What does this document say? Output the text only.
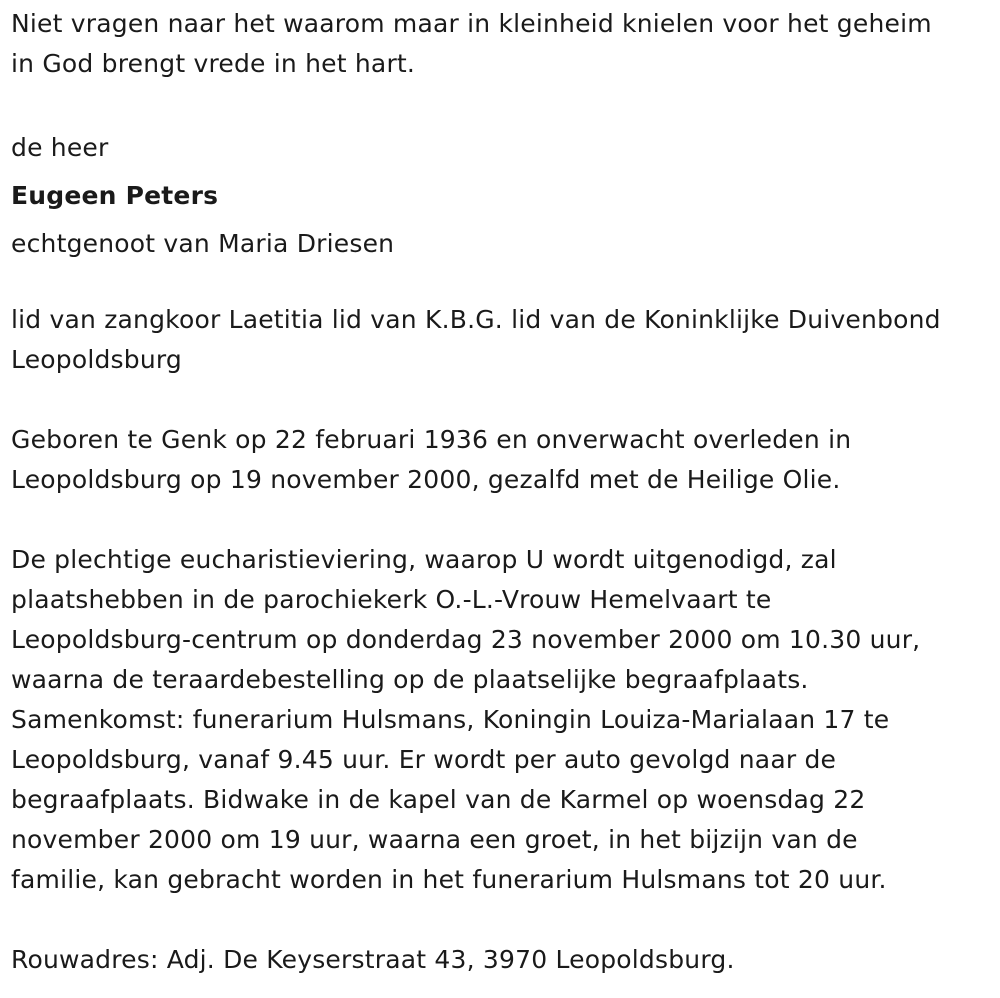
Niet vragen naar het waarom maar in kleinheid knielen voor het geheim
in God brengt vrede in het hart.

de heer

Eugeen Peters

echtgenoot van Maria Driesen

lid van zangkoor Laetitia lid van K.B.G. lid van de Koninklijke Duivenbond
Leopoldsburg

Geboren te Genk op 22 februari 1936 en onverwacht overleden in
Leopoldsburg op 19 november 2000, gezalfd met de Heilige Olie.

De plechtige eucharistieviering, waarop U wordt uitgenodigd, zal
plaatshebben in de parochiekerk O.-L.-Vrouw Hemelvaart te
Leopoldsburg-centrum op donderdag 23 november 2000 om 10.30 uur,
waarna de teraardebestelling op de plaatselijke begraafplaats.
Samenkomst: funerarium Hulsmans, Koningin Louiza-Marialaan 17 te
Leopoldsburg, vanaf 9.45 uur. Er wordt per auto gevolgd naar de
begraafplaats. Bidwake in de kapel van de Karmel op woensdag 22
november 2000 om 19 uur, waarna een groet, in het bijzijn van de
familie, kan gebracht worden in het funerarium Hulsmans tot 20 uur.

Rouwadres: Adj. De Keyserstraat 43, 3970 Leopoldsburg.
